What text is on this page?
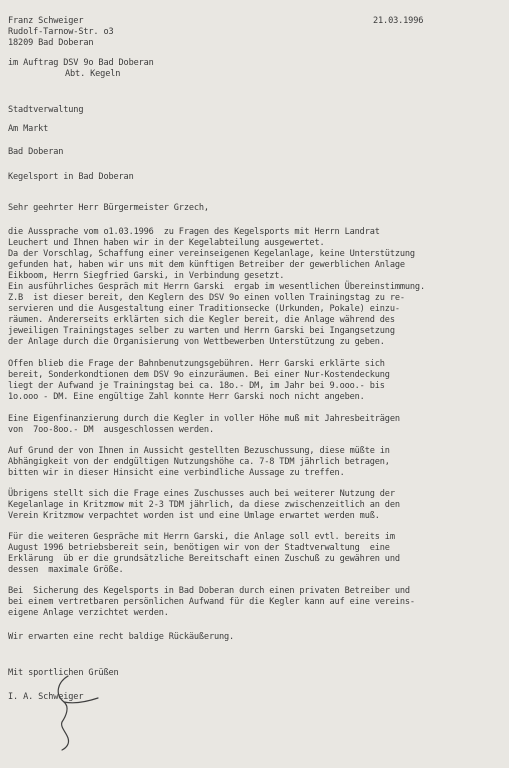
Franz Schweiger
Rudolf-Tarnow-Str. o3
18209 Bad Doberan
21.03.1996
im Auftrag DSV 9o Bad Doberan
Abt. Kegeln
Stadtverwaltung
Am Markt
Bad Doberan
Kegelsport in Bad Doberan
Sehr geehrter Herr Bürgermeister Grzech,
die Aussprache vom o1.03.1996  zu Fragen des Kegelsports mit Herrn Landrat
Leuchert und Ihnen haben wir in der Kegelabteilung ausgewertet.
Da der Vorschlag, Schaffung einer vereinseigenen Kegelanlage, keine Unterstützung
gefunden hat, haben wir uns mit dem künftigen Betreiber der gewerblichen Anlage
Eikboom, Herrn Siegfried Garski, in Verbindung gesetzt.
Ein ausführliches Gespräch mit Herrn Garski  ergab im wesentlichen Übereinstimmung.
Z.B  ist dieser bereit, den Keglern des DSV 9o einen vollen Trainingstag zu re-
servieren und die Ausgestaltung einer Traditionsecke (Urkunden, Pokale) einzu-
räumen. Andererseits erklärten sich die Kegler bereit, die Anlage während des
jeweiligen Trainingstages selber zu warten und Herrn Garski bei Ingangsetzung
der Anlage durch die Organisierung von Wettbewerben Unterstützung zu geben.
Offen blieb die Frage der Bahnbenutzungsgebühren. Herr Garski erklärte sich
bereit, Sonderkondtionen dem DSV 9o einzuräumen. Bei einer Nur-Kostendeckung
liegt der Aufwand je Trainingstag bei ca. 18o.- DM, im Jahr bei 9.ooo.- bis
1o.ooo - DM. Eine engültige Zahl konnte Herr Garski noch nicht angeben.
Eine Eigenfinanzierung durch die Kegler in voller Höhe muß mit Jahresbeiträgen
von  7oo-8oo.- DM  ausgeschlossen werden.
Auf Grund der von Ihnen in Aussicht gestellten Bezuschussung, diese müßte in
Abhängigkeit von der endgültigen Nutzungshöhe ca. 7-8 TDM jährlich betragen,
bitten wir in dieser Hinsicht eine verbindliche Aussage zu treffen.
Übrigens stellt sich die Frage eines Zuschusses auch bei weiterer Nutzung der
Kegelanlage in Kritzmow mit 2-3 TDM jährlich, da diese zwischenzeitlich an den
Verein Kritzmow verpachtet worden ist und eine Umlage erwartet werden muß.
Für die weiteren Gespräche mit Herrn Garski, die Anlage soll evtl. bereits im
August 1996 betriebsbereit sein, benötigen wir von der Stadtverwaltung  eine
Erklärung  üb er die grundsätzliche Bereitschaft einen Zuschuß zu gewähren und
dessen  maximale Größe.
Bei  Sicherung des Kegelsports in Bad Doberan durch einen privaten Betreiber und
bei einem vertretbaren persönlichen Aufwand für die Kegler kann auf eine vereins-
eigene Anlage verzichtet werden.
Wir erwarten eine recht baldige Rückäußerung.
Mit sportlichen Grüßen
I. A. Schweiger
